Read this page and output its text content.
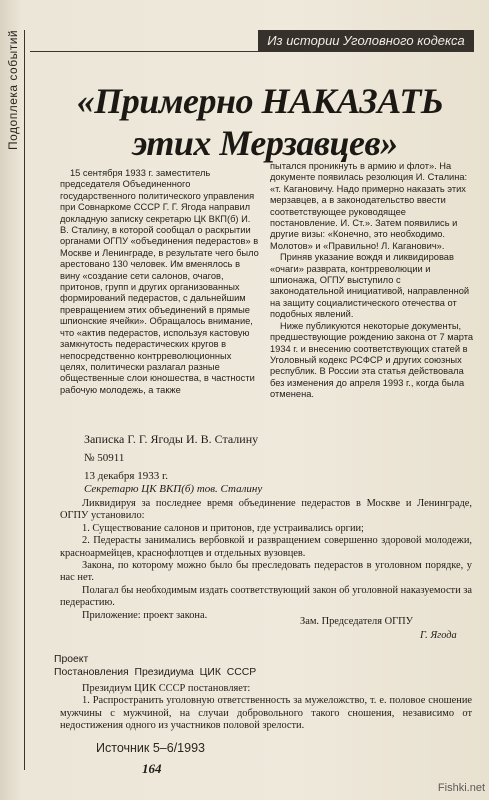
Подоплека событий	Из истории Уголовного кодекса
«Примерно НАКАЗАТЬ
этих Мерзавцев»

15 сентября 1933 г. заместитель председателя Объединенного государственного политического управления при Совнаркоме СССР Г. Г. Ягода направил докладную записку секретарю ЦК ВКП(б) И. В. Сталину, в которой сообщал о раскрытии органами ОГПУ «объединения педерастов» в Москве и Ленинграде, в результате чего было арестовано 130 человек. Им вменялось в вину «создание сети салонов, очагов, притонов, групп и других организованных формирований педерастов, с дальнейшим превращением этих объединений в прямые шпионские ячейки». Обращалось внимание, что «актив педерастов, используя кастовую замкнутость педерастических кругов в непосредственно контрреволюционных целях, политически разлагал разные общественные слои юношества, в частности рабочую молодежь, а также

пытался проникнуть в армию и флот». На документе появилась резолюция И. Сталина: «т. Кагановичу. Надо примерно наказать этих мерзавцев, а в законодательство ввести соответствующее руководящее постановление. И. Ст.». Затем появились и другие визы: «Конечно, это необходимо. Молотов» и «Правильно! Л. Каганович».

Приняв указание вождя и ликвидировав «очаги» разврата, контрреволюции и шпионажа, ОГПУ выступило с законодательной инициативой, направленной на защиту социалистического отечества от подобных явлений.

Ниже публикуются некоторые документы, предшествующие рождению закона от 7 марта 1934 г. и внесению соответствующих статей в Уголовный кодекс РСФСР и других союзных республик. В России эта статья действовала без изменения до апреля 1993 г., когда была отменена.

Записка Г. Г. Ягоды И. В. Сталину
№ 50911
13 декабря 1933 г.
Секретарю ЦК ВКП(б) тов. Сталину

Ликвидируя за последнее время объединение педерастов в Москве и Ленинграде, ОГПУ установило:

1. Существование салонов и притонов, где устраивались оргии;

2. Педерасты занимались вербовкой и развращением совершенно здоровой молодежи, красноармейцев, краснофлотцев и отдельных вузовцев.

Закона, по которому можно было бы преследовать педерастов в уголовном порядке, у нас нет.

Полагал бы необходимым издать соответствующий закон об уголовной наказуемости за педерастию.

Приложение: проект закона.

Зам. Председателя ОГПУ
Г. Ягода
Проект
Постановления Президиума ЦИК СССР

Президиум ЦИК СССР постановляет:

1. Распространить уголовную ответственность за мужеложство, т. е. половое сношение мужчины с мужчиной, на случаи добровольного такого сношения, независимо от недостижения одного из участников половой зрелости.

Источник 5–6/1993
164
Fishki.net
